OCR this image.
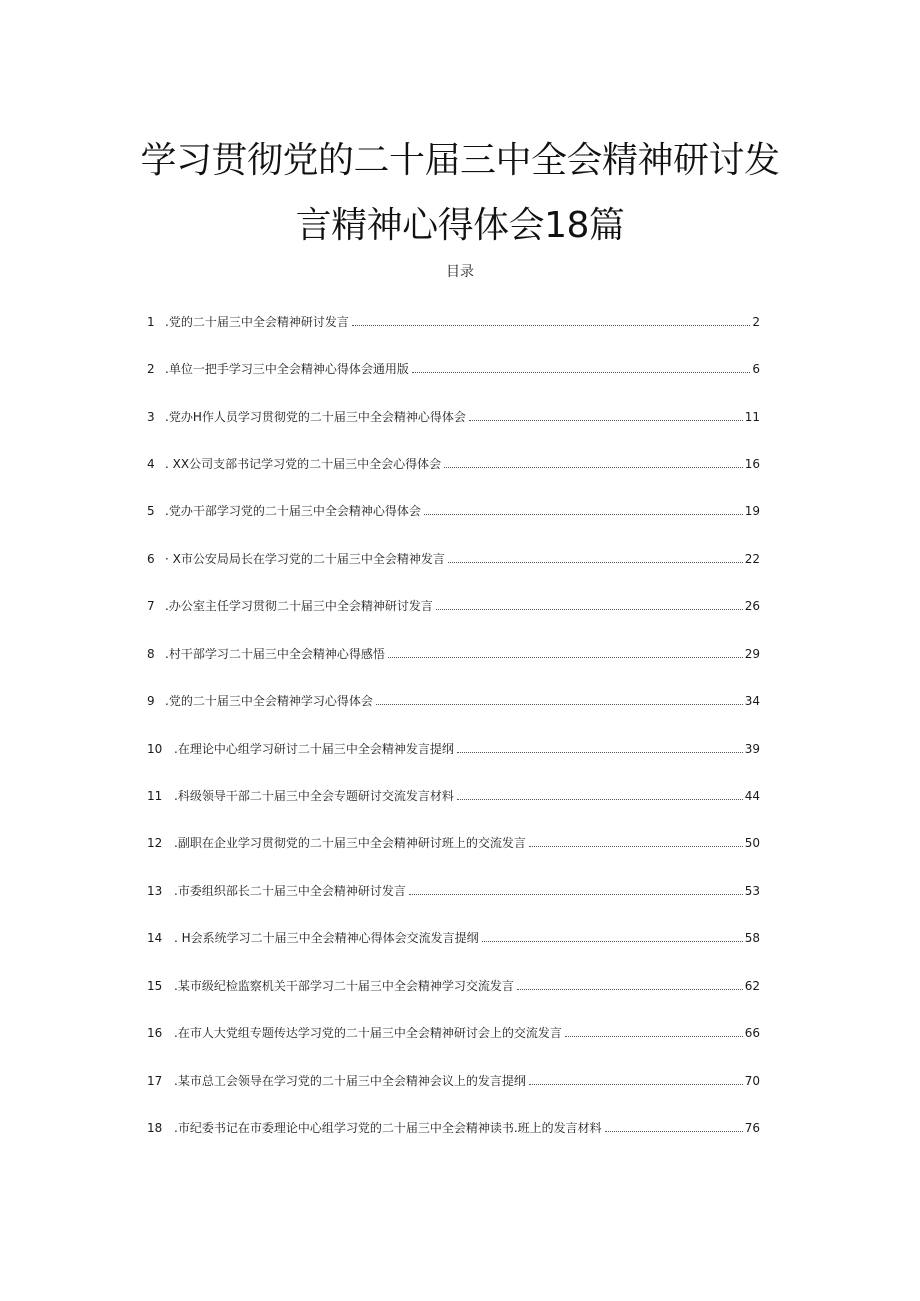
学习贯彻党的二十届三中全会精神研讨发
言精神心得体会18篇
目录
1 .党的二十届三中全会精神研讨发言	2
2 .单位一把手学习三中全会精神心得体会通用版	6
3 .党办H作人员学习贯彻党的二十届三中全会精神心得体会	11
4 . XX公司支部书记学习党的二十届三中全会心得体会	16
5 .党办干部学习党的二十届三中全会精神心得体会	19
6 · X市公安局局长在学习党的二十届三中全会精神发言	22
7 .办公室主任学习贯彻二十届三中全会精神研讨发言	26
8 .村干部学习二十届三中全会精神心得感悟	29
9 .党的二十届三中全会精神学习心得体会	34
10 .在理论中心组学习研讨二十届三中全会精神发言提纲	39
11 .科级领导干部二十届三中全会专题研讨交流发言材料	44
12 .副职在企业学习贯彻党的二十届三中全会精神研讨班上的交流发言	50
13 .市委组织部长二十届三中全会精神研讨发言	53
14 . H会系统学习二十届三中全会精神心得体会交流发言提纲	58
15 .某市级纪检监察机关干部学习二十届三中全会精神学习交流发言	62
16 .在市人大党组专题传达学习党的二十届三中全会精神研讨会上的交流发言	66
17 .某市总工会领导在学习党的二十届三中全会精神会议上的发言提纲	70
18 .市纪委书记在市委理论中心组学习党的二十届三中全会精神读书.班上的发言材料	76
